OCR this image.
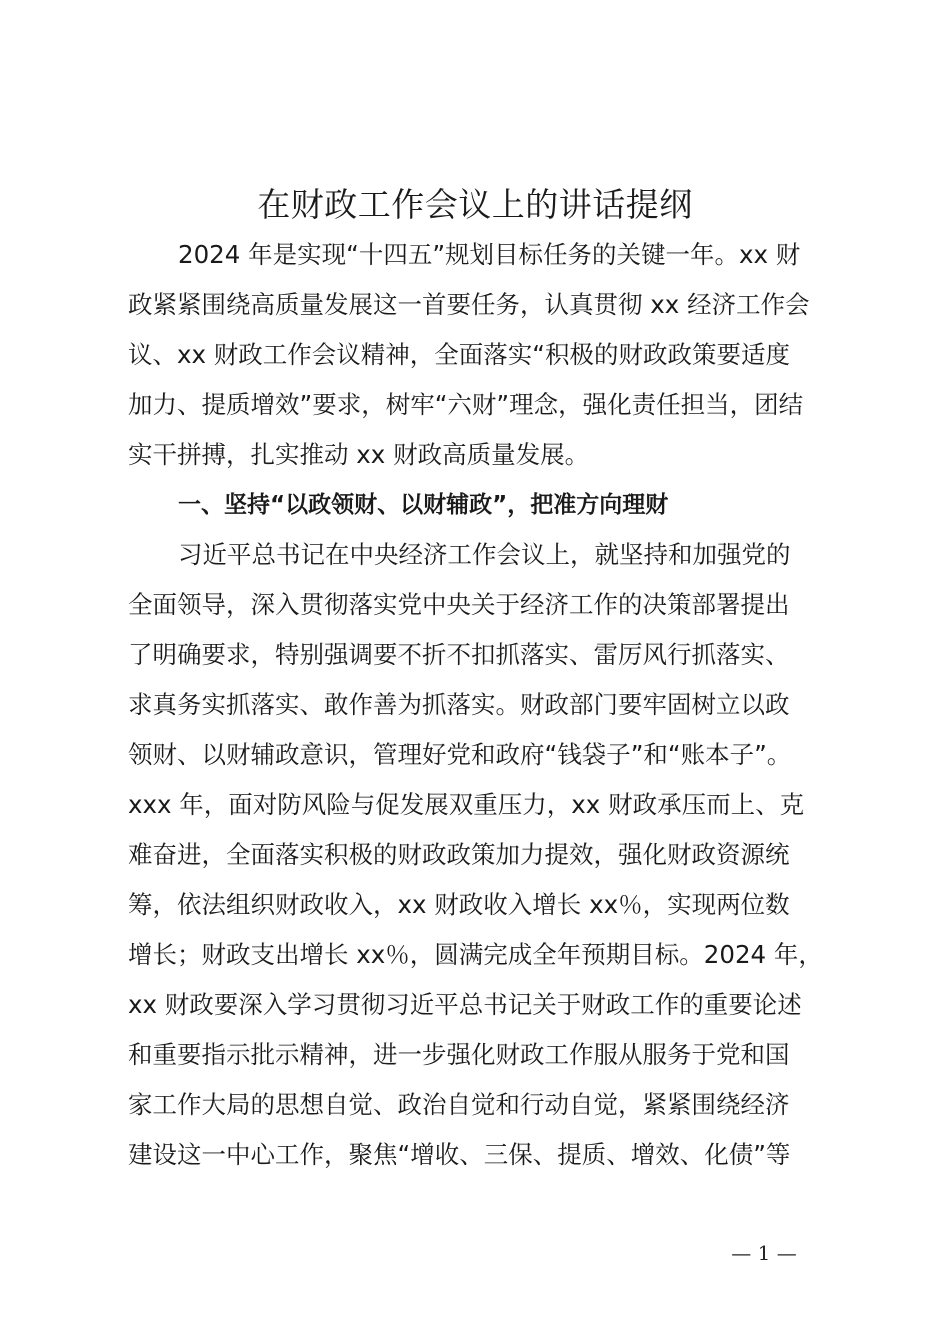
在财政工作会议上的讲话提纲
2024 年是实现“十四五”规划目标任务的关键一年。xx 财
政紧紧围绕高质量发展这一首要任务，认真贯彻 xx 经济工作会
议、xx 财政工作会议精神，全面落实“积极的财政政策要适度
加力、提质增效”要求，树牢“六财”理念，强化责任担当，团结
实干拼搏，扎实推动 xx 财政高质量发展。
一、坚持“以政领财、以财辅政”，把准方向理财
习近平总书记在中央经济工作会议上，就坚持和加强党的
全面领导，深入贯彻落实党中央关于经济工作的决策部署提出
了明确要求，特别强调要不折不扣抓落实、雷厉风行抓落实、
求真务实抓落实、敢作善为抓落实。财政部门要牢固树立以政
领财、以财辅政意识，管理好党和政府“钱袋子”和“账本子”。
xxx 年，面对防风险与促发展双重压力，xx 财政承压而上、克
难奋进，全面落实积极的财政政策加力提效，强化财政资源统
筹，依法组织财政收入，xx 财政收入增长 xx％，实现两位数
增长；财政支出增长 xx％，圆满完成全年预期目标。2024 年，
xx 财政要深入学习贯彻习近平总书记关于财政工作的重要论述
和重要指示批示精神，进一步强化财政工作服从服务于党和国
家工作大局的思想自觉、政治自觉和行动自觉，紧紧围绕经济
建设这一中心工作，聚焦“增收、三保、提质、增效、化债”等
— 1 —
